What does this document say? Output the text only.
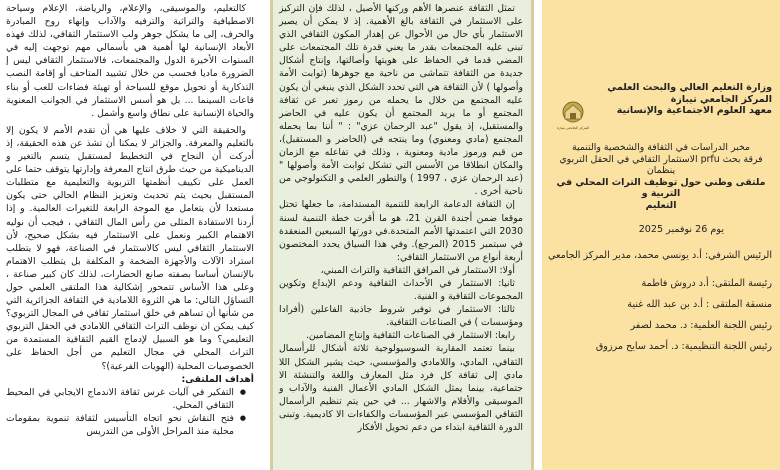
وزارة التعليم العالي والبحث العلمي
المركز الجامعي تيبازة
معهد العلوم الاجتماعية والإنسانية
المركز الجامعي تيبازة
مخبر الدراسات في الثقافة والشخصية والتنمية
فرقة بحث prfu الاستثمار الثقافي في الحقل التربوي
ينظمان
ملتقى وطني حول توظيف التراث المحلي في التربية و
التعليم
يوم 26 نوفمبر 2025
الرئيس الشرفي: أ.د يونسي محمد، مدير المركز الجامعي
رئيسة الملتقى: أ.د دروش فاطمة
منسقة الملتقى : أ.د بن عبد الله غنية
رئيس اللجنة العلمية: د. محمد لصفر
رئيس اللجنة التنظيمية: د. أحمد سايح مرزوق

تمثل الثقافة عنصرها الأهم وركنها الأصيل ، لذلك فإن التركيز على الاستثمار في الثقافة بالغ الأهمية. إذ لا يمكن أن يصير الاستثمار بأي حال من الأحوال عن إهدار المكون الثقافي الذي تبنى عليه المجتمعات بقدر ما يعني قدرة تلك المجتمعات على المضي قدما في الحفاظ على هويتها وأصالتها، وإنتاج أشكال جديدة من الثقافة تتماشى من ناحية مع جوهرها (ثوابت الأمة وأصولها ) لأن الثقافة هي التي تحدد الشكل الذي ينبغي أن يكون عليه المجتمع من خلال ما يحمله من رموز تعبر عن ثقافة المجتمع أو ما يريد المجتمع أن يكون عليه في الحاضر والمستقبل، إذ يقول "عبد الرحمان عزي" : " أننا بما يحمله المجتمع (مادي ومعنوي) وما ينتجه في (الحاضر و المستقبل)، من قيم ورموز مادية ومعنوية ، وذلك في تفاعله مع الزمان والمكان انطلاقا من الأسس التي تشكل ثوابت الأمة وأصولها " (عبد الرحمان عزي ، 1997 ) والتطور العلمي و التكنولوجي من ناحية أخرى .

إن الثقافة الدعامة الرابعة للتنمية المستدامة، ما جعلها تحتل موقعا ضمن أجندة القرن 21، هو ما أقرت خطة التنمية لسنة 2030 التي اعتمدتها الأمم المتحدة.في دورتها السبعين المنعقدة في سبتمبر 2015 (المرجع). وفي هذا السياق يحدد المختصون أربعة أنواع من الاستثمار الثقافي:

أولا: الاستثمار في المرافق الثقافية والتراث المبني،

ثانيا: الاستثمار في الأحداث الثقافية ودعم الإبداع وتكوين المجموعات الثقافية و الفنية.

ثالثا: الاستثمار في توفير شروط جاذبية الفاعلين (أفرادا ومؤسسات ) في الصناعات الثقافية.

رابعا: الاستثمار في الصناعات الثقافية وإنتاج المضامين.

بينما تعتمد المقاربة السوسيولوجية ثلاثة أشكال للرأسمال الثقافي، المادي، واللامادي والمؤسسي، حيث يشير الشكل اللا مادي إلى ثقافة كل فرد مثل المعارف واللغة والتنشئة الا جتماعية، بينما يمثل الشكل المادي الأعمال الفنية والآداب و الموسيقى والأفلام والاشهار ... في حين يتم تنظيم الرأسمال الثقافي المؤسسي عبر المؤسسات والكفاءات الا كاديمية. وتبنى الدورة الثقافية ابتداء من دعم تحويل الأفكار

كالتعليم، والموسيقى، والإعلام، والرياضة، الإعلام وسياحة الاصطيافية والتراثية والترفيه والآداب وإنهاء روح المبادرة والحرف، إلى ما يشكل جوهر ولب الاستثمار الثقافي، لذلك فهذه الأبعاد الإنسانية لها أهمية هي بأسمالي مهم توجهت إليه في السنوات الأخيرة الدول والمجتمعات، فالاستثمار الثقافي ليس إ الضرورة ماديا فحسب من خلال تشييد المتاحف أو إقامة النصب التذكارية أو تحويل موقع للسياحة أو تهيئة فضاءات للعب أو بناء قاعات السينما ... بل هو أسس الاستثمار في الجوانب المعنوية والحياة الإنسانية على نطاق واسع وأشمل .

والحقيقة التي لا خلاف عليها هي أن تقدم الأمم لا يكون إلا بالتعليم والمعرفة. والجزائر لا يمكنا أن تشذ عن هذه الحقيقة، إذ أدركت أن النجاح في التخطيط لمستقبل يتسم بالتغير و الديناميكية من حيث طرق انتاج المعرفة وإدارتها يتوقف حتما على العمل على تكييف أنظمتها التربوية والتعليمية مع متطلبات المستقبل بحيث يتم تحديث وتعزيز النظام الحالي حتى يكون مستعدا لأن يتعامل مع الموجة الرابعة للتغيرات العالمية. و إذا أردنا الاستفادة المثلى من رأس المال الثقافي ، فيجب أن نوليه الاهتمام الكبير ونعمل على الاستثمار فيه بشكل صحيح، لأن الاستثمار الثقافي ليس كالاستثمار في الصناعة، فهو لا يتطلب استراد الآلات والأجهزة الضخمة و المكلفة بل يتطلب الاهتمام بالإنسان أساسا بصفته صانع الحضارات، لذلك كان كبير صناعة ، وعلى هذا الأساس تتمحور إشكالية هذا الملتقى العلمي حول التساؤل التالي: ما هي الثروة اللامادية في الثقافة الجزائرية التي من شأنها أن تساهم في خلق استثمار ثقافي في المجال التربوي؟ كيف يمكن ان نوظف التراث الثقافي اللامادي في الحقل التربوي التعليمي؟ وما هو السبيل لإدماج القيم الثقافية المستمدة من التراث المحلي في مجال التعليم من أجل الحفاظ على الخصوصيات المحلية (الهويات الفرعية)؟

أهداف الملتقى:

● التفكير في آليات غرس ثقافة الاندماج الايجابي في المحيط الثقافي المحلي.
● فتح النقاش نحو اتجاه التأسيس لثقافة تنموية بمقومات محلية منذ المراحل الأولى من التدريس
